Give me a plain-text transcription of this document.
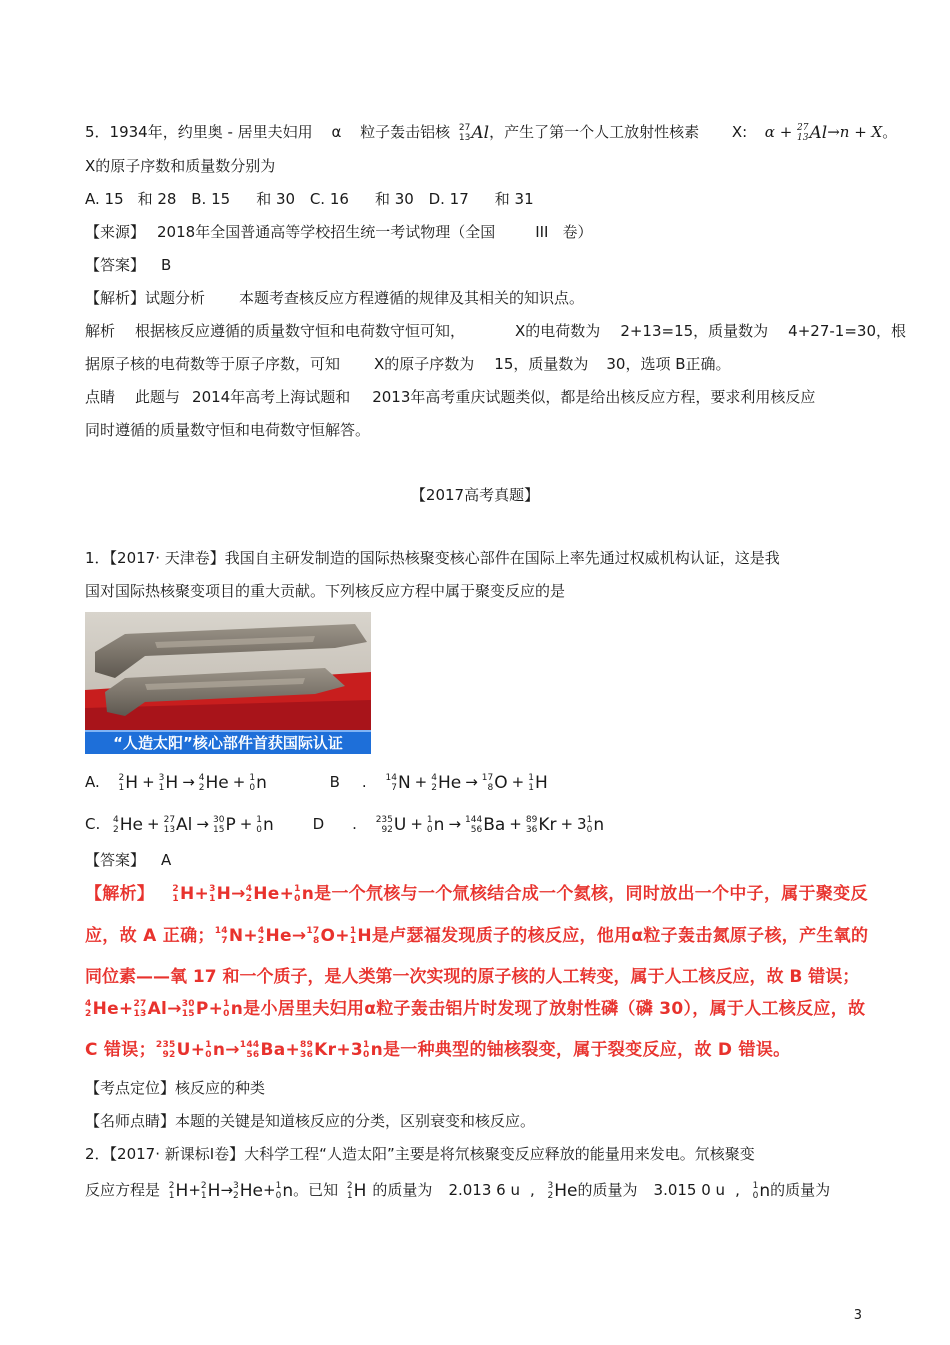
5．1934年，约里奥 - 居里夫妇用 α 粒子轰击铝核 27
13 Al ，产生了第一个人工放射性核素 X: α + 27
13 Al →n + X。
X的原子序数和质量数分别为
A. 15 和 28 B. 15 和 30 C. 16 和 30 D. 17 和 31
【来源】 2018年全国普通高等学校招生统一考试物理（全国	III 卷）
【答案】 B
【解析】试题分析 本题考查核反应方程遵循的规律及其相关的知识点。
解析 根据核反应遵循的质量数守恒和电荷数守恒可知，	X的电荷数为 2+13=15，质量数为 4+27-1=30，根
据原子核的电荷数等于原子序数，可知 X的原子序数为 15，质量数为 30，选项 B正确。
点睛 此题与 2014年高考上海试题和 2013年高考重庆试题类似，都是给出核反应方程，要求利用核反应
同时遵循的质量数守恒和电荷数守恒解答。
【2017高考真题】
1．【2017· 天津卷】我国自主研发制造的国际热核聚变核心部件在国际上率先通过权威机构认证，这是我
国对国际热核聚变项目的重大贡献。下列核反应方程中属于聚变反应的是
“人造太阳”核心部件首获国际认证
A. 2
1 H + 3
1 H → 4
2 He + 1
0 n	B . 14
7 N + 4
2 He → 17
8 O + 1
1 H
C. 4
2 He + 27
13 Al → 30
15 P + 1
0 n	D . 235
92 U + 1
0 n → 144
56 Ba + 89
36 Kr + 3 1
0 n
【答案】 A
【解析】 2
1 H + 3
1 H → 4
2 He + 1
0 n 是一个氘核与一个氚核结合成一个氦核，同时放出一个中子，属于聚变反
应，故 A 正确； 14
7 N + 4
2 He → 17
8 O + 1
1 H 是卢瑟福发现质子的核反应，他用α粒子轰击氮原子核，产生氧的
同位素——氧 17 和一个质子，是人类第一次实现的原子核的人工转变，属于人工核反应，故 B 错误；
4
2 He + 27
13 Al → 30
15 P + 1
0 n 是小居里夫妇用α粒子轰击铝片时发现了放射性磷（磷 30），属于人工核反应，故
C 错误； 235
92 U + 1
0 n → 144
56 Ba + 89
36 Kr +3 1
0 n 是一种典型的铀核裂变，属于裂变反应，故 D 错误。
【考点定位】核反应的种类
【名师点睛】本题的关键是知道核反应的分类，区别衰变和核反应。
2．【2017· 新课标Ⅰ卷】大科学工程“人造太阳”主要是将氘核聚变反应释放的能量用来发电。氘核聚变
反应方程是 2
1 H + 2
1 H → 3
2 He + 1
0 n 。已知 2
1 H 的质量为 2.013 6 u , 3
2 He 的质量为 3.015 0 u , 1
0 n 的质量为
3
